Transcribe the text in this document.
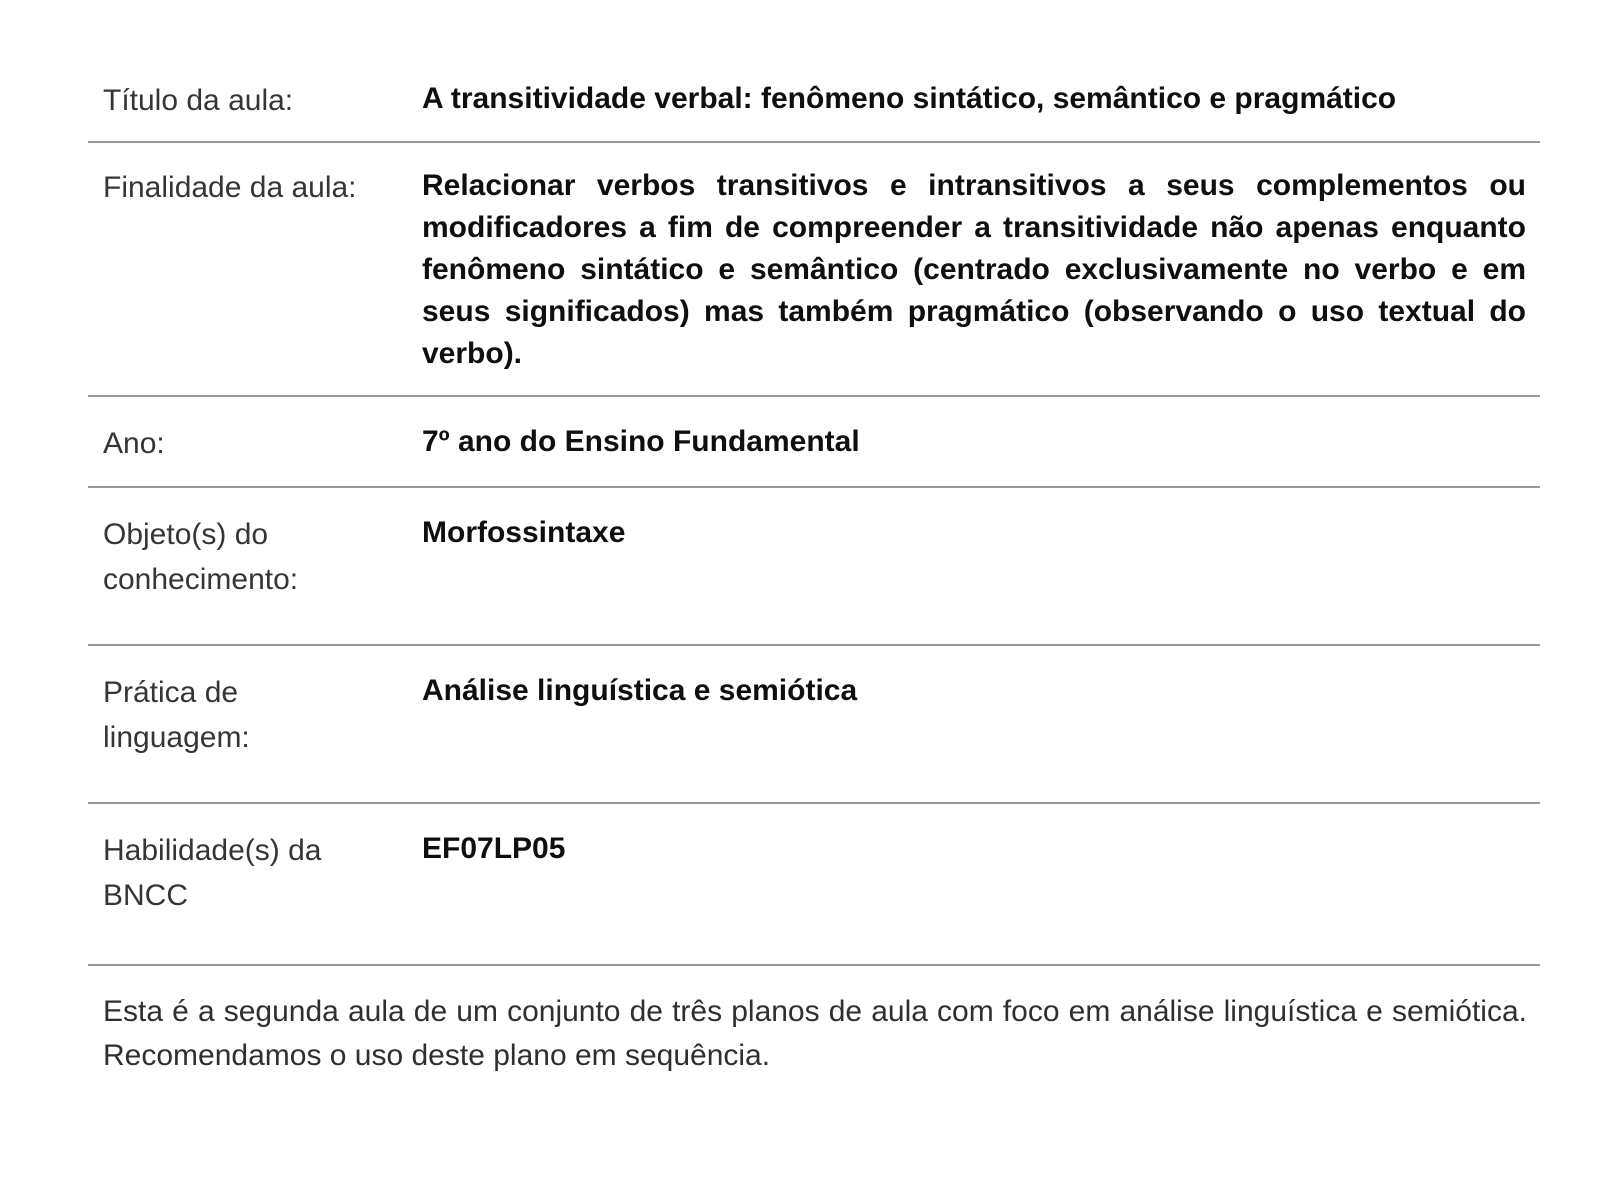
Título da aula:	A transitividade verbal: fenômeno sintático, semântico e pragmático
Finalidade da aula: Relacionar verbos transitivos e intransitivos a seus complementos ou modificadores a fim de compreender a transitividade não apenas enquanto fenômeno sintático e semântico (centrado exclusivamente no verbo e em seus significados) mas também pragmático (observando o uso textual do verbo).
Ano:	7º ano do Ensino Fundamental
Objeto(s) do conhecimento:
Morfossintaxe
Prática de linguagem:
Análise linguística e semiótica
Habilidade(s) da BNCC
EF07LP05
Esta é a segunda aula de um conjunto de três planos de aula com foco em análise linguística e semiótica. Recomendamos o uso deste plano em sequência.
